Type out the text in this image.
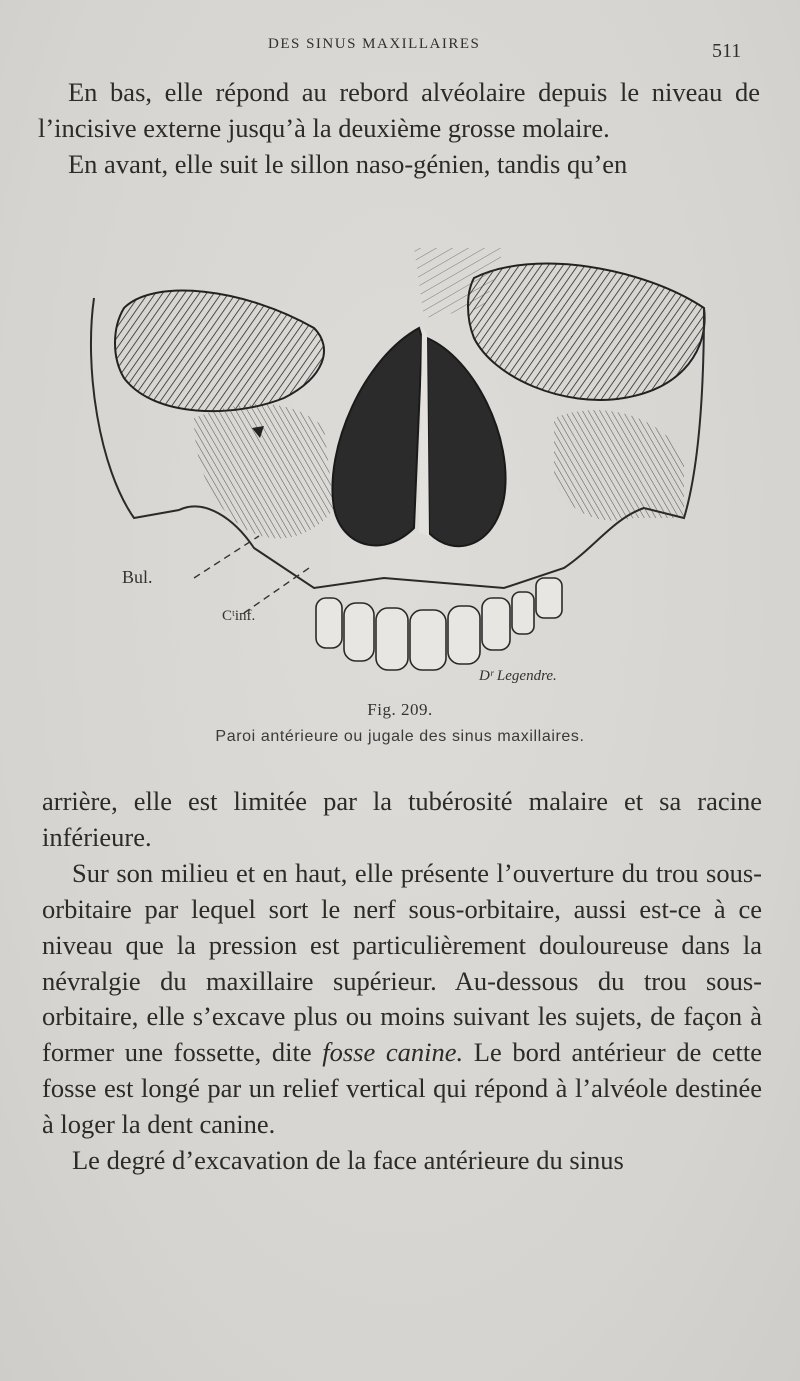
DES SINUS MAXILLAIRES	511

En bas, elle répond au rebord alvéolaire depuis le niveau de l’incisive externe jusqu’à la deuxième grosse molaire.

En avant, elle suit le sillon naso-génien, tandis qu’en

Bul.
Cᵗinf.
Dʳ Legendre.
Fig. 209.
Paroi antérieure ou jugale des sinus maxillaires.

arrière, elle est limitée par la tubérosité malaire et sa racine inférieure.

Sur son milieu et en haut, elle présente l’ouverture du trou sous-orbitaire par lequel sort le nerf sous-orbitaire, aussi est-ce à ce niveau que la pression est particulièrement douloureuse dans la névralgie du maxillaire supérieur. Au-dessous du trou sous-orbitaire, elle s’excave plus ou moins suivant les sujets, de façon à former une fossette, dite fosse canine. Le bord antérieur de cette fosse est longé par un relief vertical qui répond à l’alvéole destinée à loger la dent canine.

Le degré d’excavation de la face antérieure du sinus
